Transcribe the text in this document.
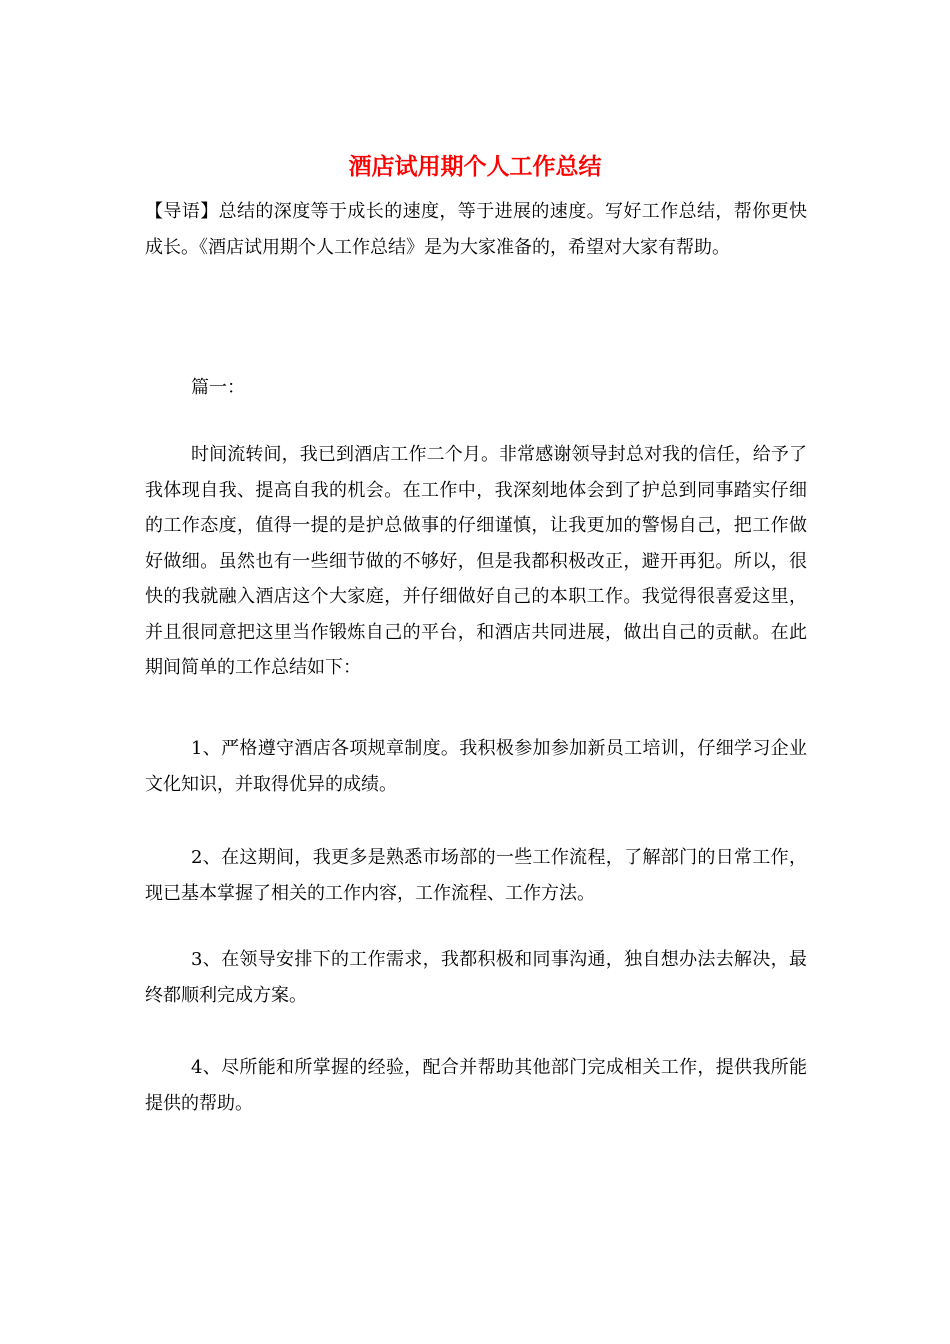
酒店试用期个人工作总结
【导语】总结的深度等于成长的速度，等于进展的速度。写好工作总结，帮你更快成长。《酒店试用期个人工作总结》是为大家准备的，希望对大家有帮助。
篇一：
时间流转间，我已到酒店工作二个月。非常感谢领导封总对我的信任，给予了我体现自我、提高自我的机会。在工作中，我深刻地体会到了护总到同事踏实仔细的工作态度，值得一提的是护总做事的仔细谨慎，让我更加的警惕自己，把工作做好做细。虽然也有一些细节做的不够好，但是我都积极改正，避开再犯。所以，很快的我就融入酒店这个大家庭，并仔细做好自己的本职工作。我觉得很喜爱这里，并且很同意把这里当作锻炼自己的平台，和酒店共同进展，做出自己的贡献。在此期间简单的工作总结如下：
1、严格遵守酒店各项规章制度。我积极参加参加新员工培训，仔细学习企业文化知识，并取得优异的成绩。
2、在这期间，我更多是熟悉市场部的一些工作流程，了解部门的日常工作，现已基本掌握了相关的工作内容，工作流程、工作方法。
3、在领导安排下的工作需求，我都积极和同事沟通，独自想办法去解决，最终都顺利完成方案。
4、尽所能和所掌握的经验，配合并帮助其他部门完成相关工作，提供我所能提供的帮助。
